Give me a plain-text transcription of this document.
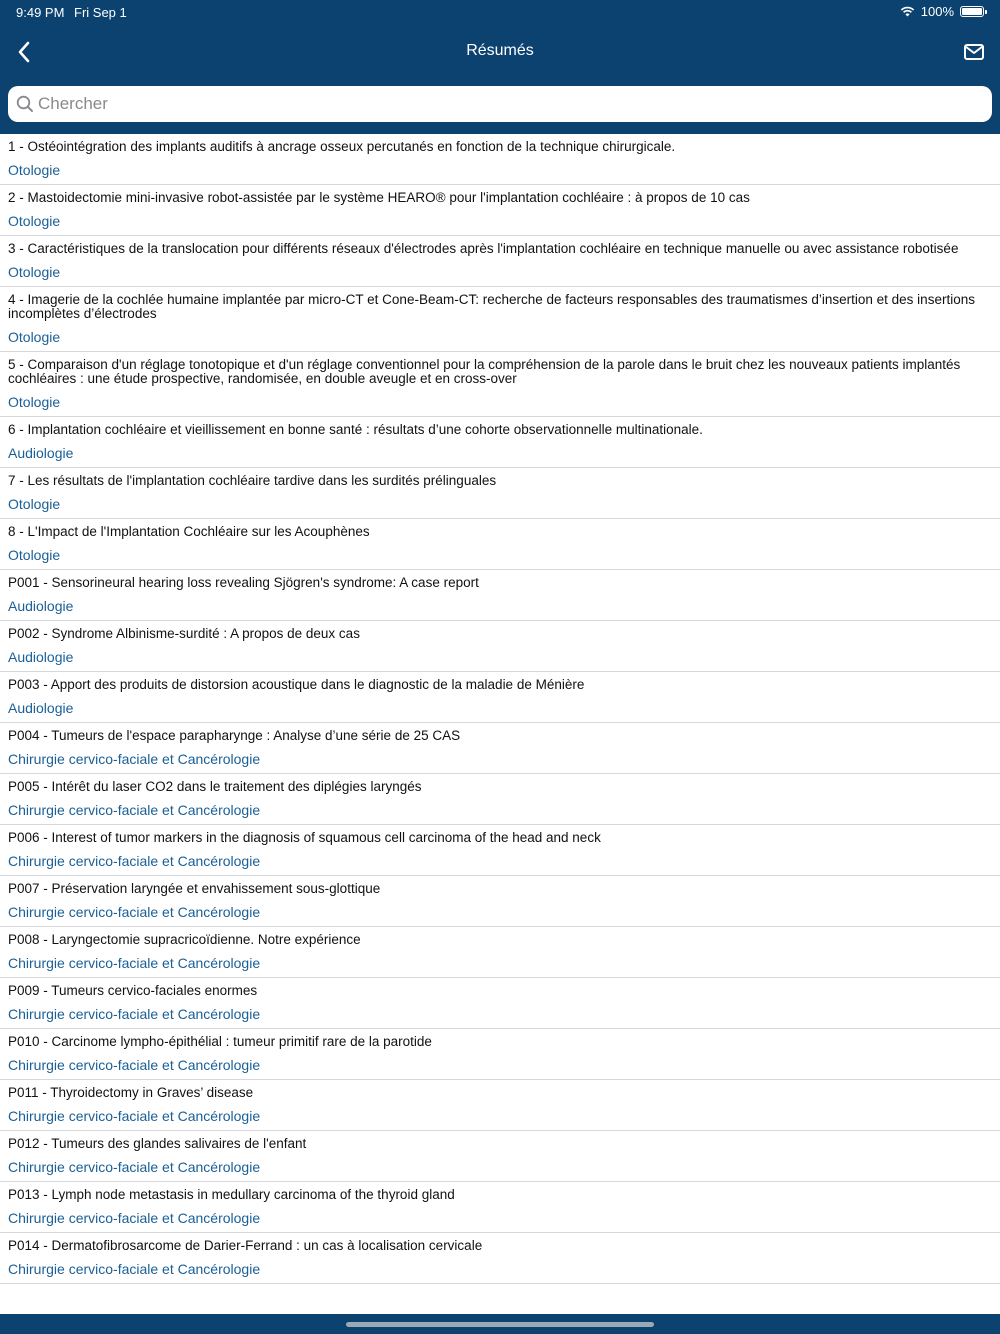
9:49 PM Fri Sep 1	100%
Résumés
Chercher
1 - Ostéointégration des implants auditifs à ancrage osseux percutanés en fonction de la technique chirurgicale.
Otologie
2 - Mastoidectomie mini-invasive robot-assistée par le système HEARO® pour l'implantation cochléaire : à propos de 10 cas
Otologie
3 - Caractéristiques de la translocation pour différents réseaux d'électrodes après l'implantation cochléaire en technique manuelle ou avec assistance robotisée
Otologie
4 - Imagerie de la cochlée humaine implantée par micro-CT et Cone-Beam-CT: recherche de facteurs responsables des traumatismes d’insertion et des insertions incomplètes d’électrodes
Otologie
5 - Comparaison d'un réglage tonotopique et d'un réglage conventionnel pour la compréhension de la parole dans le bruit chez les nouveaux patients implantés cochléaires : une étude prospective, randomisée, en double aveugle et en cross-over
Otologie
6 - Implantation cochléaire et vieillissement en bonne santé : résultats d’une cohorte observationnelle multinationale.
Audiologie
7 - Les résultats de l'implantation cochléaire tardive dans les surdités prélinguales
Otologie
8 - L'Impact de l'Implantation Cochléaire sur les Acouphènes
Otologie
P001 - Sensorineural hearing loss revealing Sjögren's syndrome: A case report
Audiologie
P002 - Syndrome Albinisme-surdité : A propos de deux cas
Audiologie
P003 - Apport des produits de distorsion acoustique dans le diagnostic de la maladie de Ménière
Audiologie
P004 - Tumeurs de l'espace parapharynge : Analyse d’une série de 25 CAS
Chirurgie cervico-faciale et Cancérologie
P005 - Intérêt du laser CO2 dans le traitement des diplégies laryngés
Chirurgie cervico-faciale et Cancérologie
P006 - Interest of tumor markers in the diagnosis of squamous cell carcinoma of the head and neck
Chirurgie cervico-faciale et Cancérologie
P007 - Préservation laryngée et envahissement sous-glottique
Chirurgie cervico-faciale et Cancérologie
P008 - Laryngectomie supracricoïdienne. Notre expérience
Chirurgie cervico-faciale et Cancérologie
P009 - Tumeurs cervico-faciales enormes
Chirurgie cervico-faciale et Cancérologie
P010 - Carcinome lympho-épithélial : tumeur primitif rare de la parotide
Chirurgie cervico-faciale et Cancérologie
P011 - Thyroidectomy in Graves’ disease
Chirurgie cervico-faciale et Cancérologie
P012 - Tumeurs des glandes salivaires de l'enfant
Chirurgie cervico-faciale et Cancérologie
P013 - Lymph node metastasis in medullary carcinoma of the thyroid gland
Chirurgie cervico-faciale et Cancérologie
P014 - Dermatofibrosarcome de Darier-Ferrand : un cas à localisation cervicale
Chirurgie cervico-faciale et Cancérologie
